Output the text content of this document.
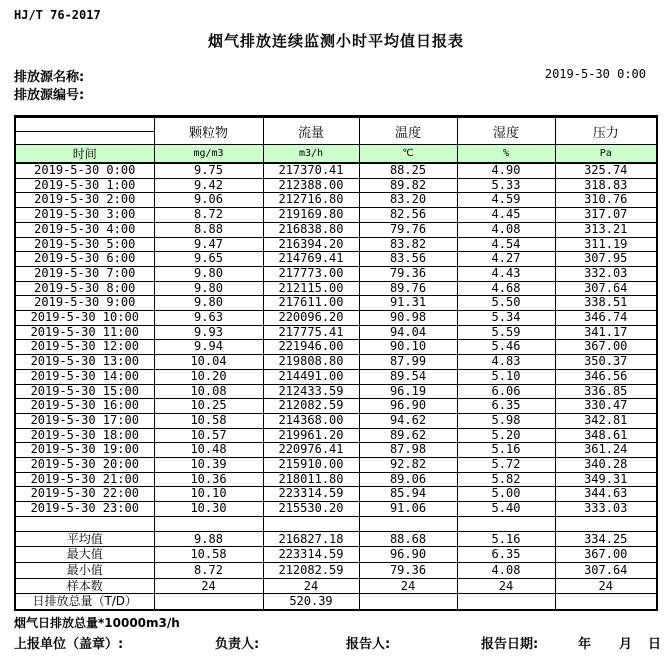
HJ/T 76-2017
烟气排放连续监测小时平均值日报表
排放源名称:
排放源编号:
2019-5-30 0:00
	颗粒物	流量	温度	湿度	压力

时间	mg/m3	m3/h	℃	%	Pa
2019-5-30 0:00	9.75	217370.41	88.25	4.90	325.74
2019-5-30 1:00	9.42	212388.00	89.82	5.33	318.83
2019-5-30 2:00	9.06	212716.80	83.20	4.59	310.76
2019-5-30 3:00	8.72	219169.80	82.56	4.45	317.07
2019-5-30 4:00	8.88	216838.80	79.76	4.08	313.21
2019-5-30 5:00	9.47	216394.20	83.82	4.54	311.19
2019-5-30 6:00	9.65	214769.41	83.56	4.27	307.95
2019-5-30 7:00	9.80	217773.00	79.36	4.43	332.03
2019-5-30 8:00	9.80	212115.00	89.76	4.68	307.64
2019-5-30 9:00	9.80	217611.00	91.31	5.50	338.51
2019-5-30 10:00	9.63	220096.20	90.98	5.34	346.74
2019-5-30 11:00	9.93	217775.41	94.04	5.59	341.17
2019-5-30 12:00	9.94	221946.00	90.10	5.46	367.00
2019-5-30 13:00	10.04	219808.80	87.99	4.83	350.37
2019-5-30 14:00	10.20	214491.00	89.54	5.10	346.56
2019-5-30 15:00	10.08	212433.59	96.19	6.06	336.85
2019-5-30 16:00	10.25	212082.59	96.90	6.35	330.47
2019-5-30 17:00	10.58	214368.00	94.62	5.98	342.81
2019-5-30 18:00	10.57	219961.20	89.62	5.20	348.61
2019-5-30 19:00	10.48	220976.41	87.98	5.16	361.24
2019-5-30 20:00	10.39	215910.00	92.82	5.72	340.28
2019-5-30 21:00	10.36	218011.80	89.06	5.82	349.31
2019-5-30 22:00	10.10	223314.59	85.94	5.00	344.63
2019-5-30 23:00	10.30	215530.20	91.06	5.40	333.03

平均值	9.88	216827.18	88.68	5.16	334.25
最大值	10.58	223314.59	96.90	6.35	367.00
最小值	8.72	212082.59	79.36	4.08	307.64
样本数	24	24	24	24	24
日排放总量（T/D）		520.39			
烟气日排放总量*10000m3/h
上报单位（盖章）:	负责人:	报告人:	报告日期:	年 月 日
